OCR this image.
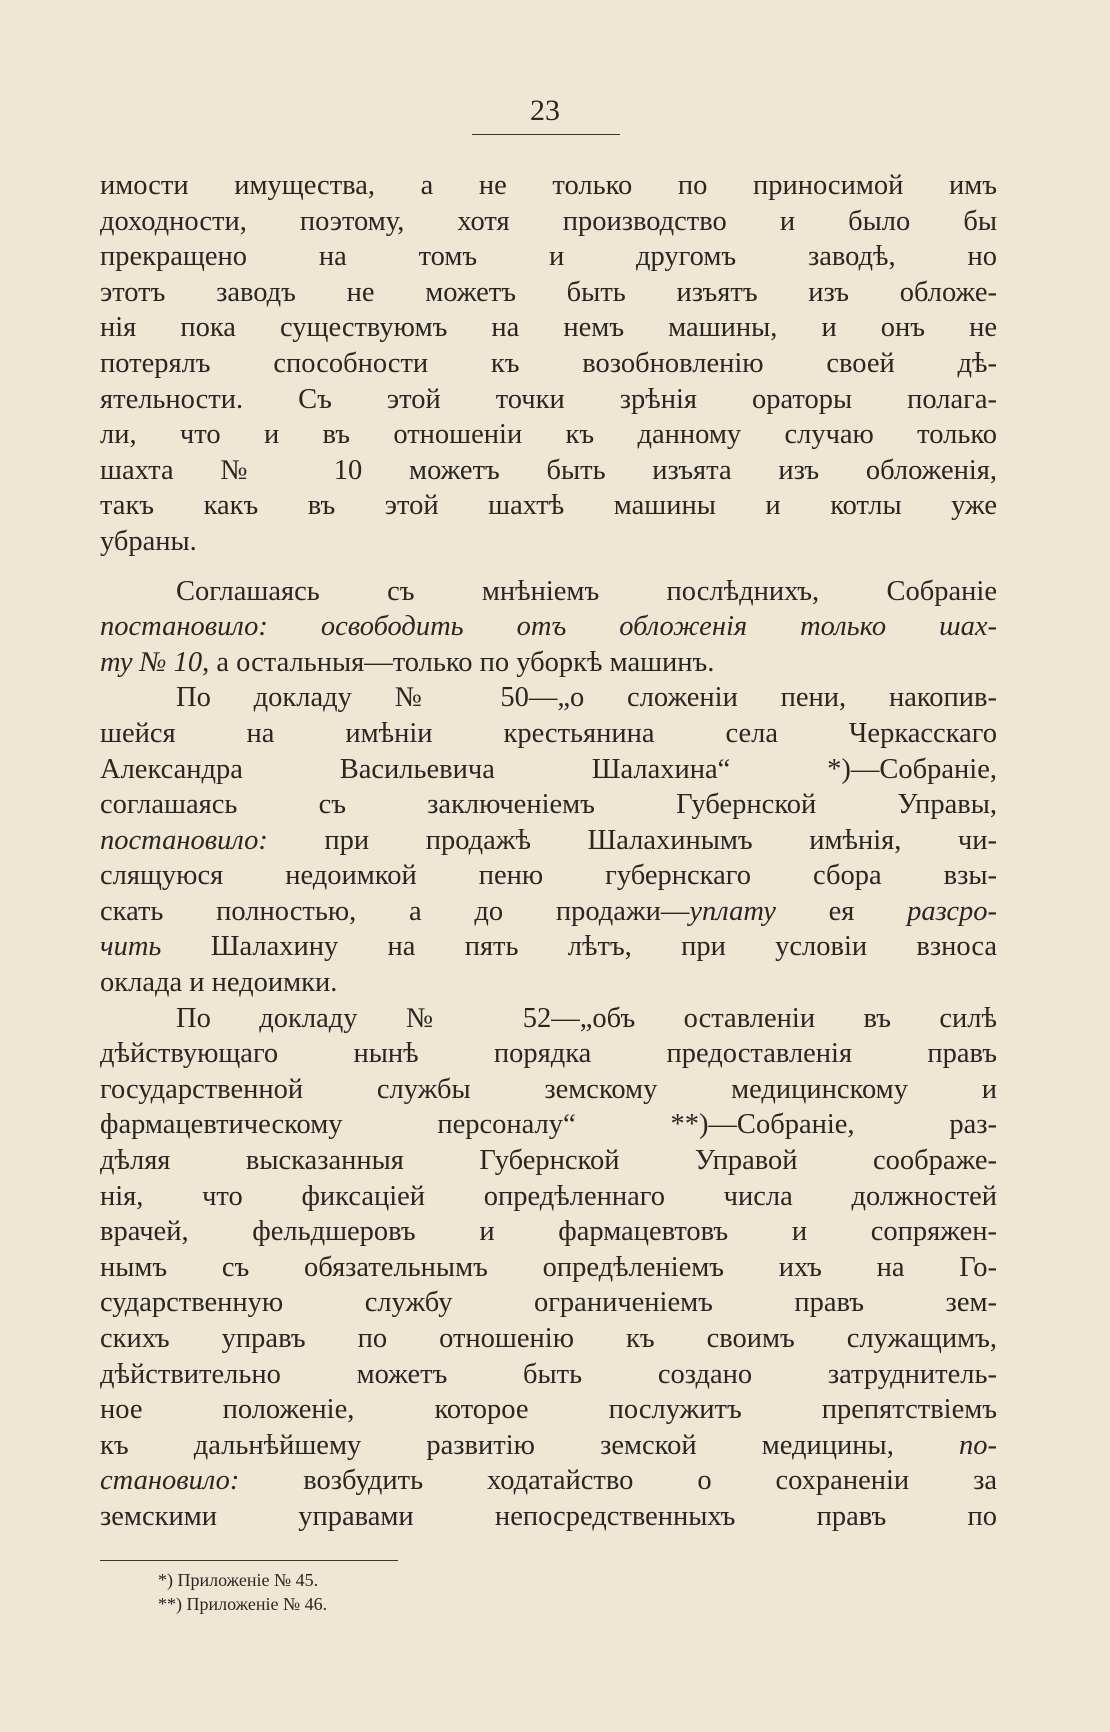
23
имости имущества, а не только по приносимой имъ
доходности, поэтому, хотя производство и было бы
прекращено на томъ и другомъ заводѣ, но
этотъ заводъ не можетъ быть изъятъ изъ обложе-
нія пока существуюмъ на немъ машины, и онъ не
потерялъ способности къ возобновленію своей дѣ-
ятельности. Съ этой точки зрѣнія ораторы полага-
ли, что и въ отношеніи къ данному случаю только
шахта № 10 можетъ быть изъята изъ обложенія,
такъ какъ въ этой шахтѣ машины и котлы уже
убраны.
Соглашаясь съ мнѣніемъ послѣднихъ, Собраніе
постановило: освободить отъ обложенія только шах-
ту № 10, а остальныя—только по уборкѣ машинъ.
По докладу № 50—„о сложеніи пени, накопив-
шейся на имѣніи крестьянина села Черкасскаго
Александра Васильевича Шалахина“ *)—Собраніе,
соглашаясь съ заключеніемъ Губернской Управы,
постановило: при продажѣ Шалахинымъ имѣнія, чи-
слящуюся недоимкой пеню губернскаго сбора взы-
скать полностью, а до продажи—уплату ея разсро-
чить Шалахину на пять лѣтъ, при условіи взноса
оклада и недоимки.
По докладу № 52—„объ оставленіи въ силѣ
дѣйствующаго нынѣ порядка предоставленія правъ
государственной службы земскому медицинскому и
фармацевтическому персоналу“ **)—Собраніе, раз-
дѣляя высказанныя Губернской Управой соображе-
нія, что фиксаціей опредѣленнаго числа должностей
врачей, фельдшеровъ и фармацевтовъ и сопряжен-
нымъ съ обязательнымъ опредѣленіемъ ихъ на Го-
сударственную службу ограниченіемъ правъ зем-
скихъ управъ по отношенію къ своимъ служащимъ,
дѣйствительно можетъ быть создано затруднитель-
ное положеніе, которое послужитъ препятствіемъ
къ дальнѣйшему развитію земской медицины, по-
становило: возбудить ходатайство о сохраненіи за
земскими управами непосредственныхъ правъ по
*) Приложеніе № 45.
**) Приложеніе № 46.
